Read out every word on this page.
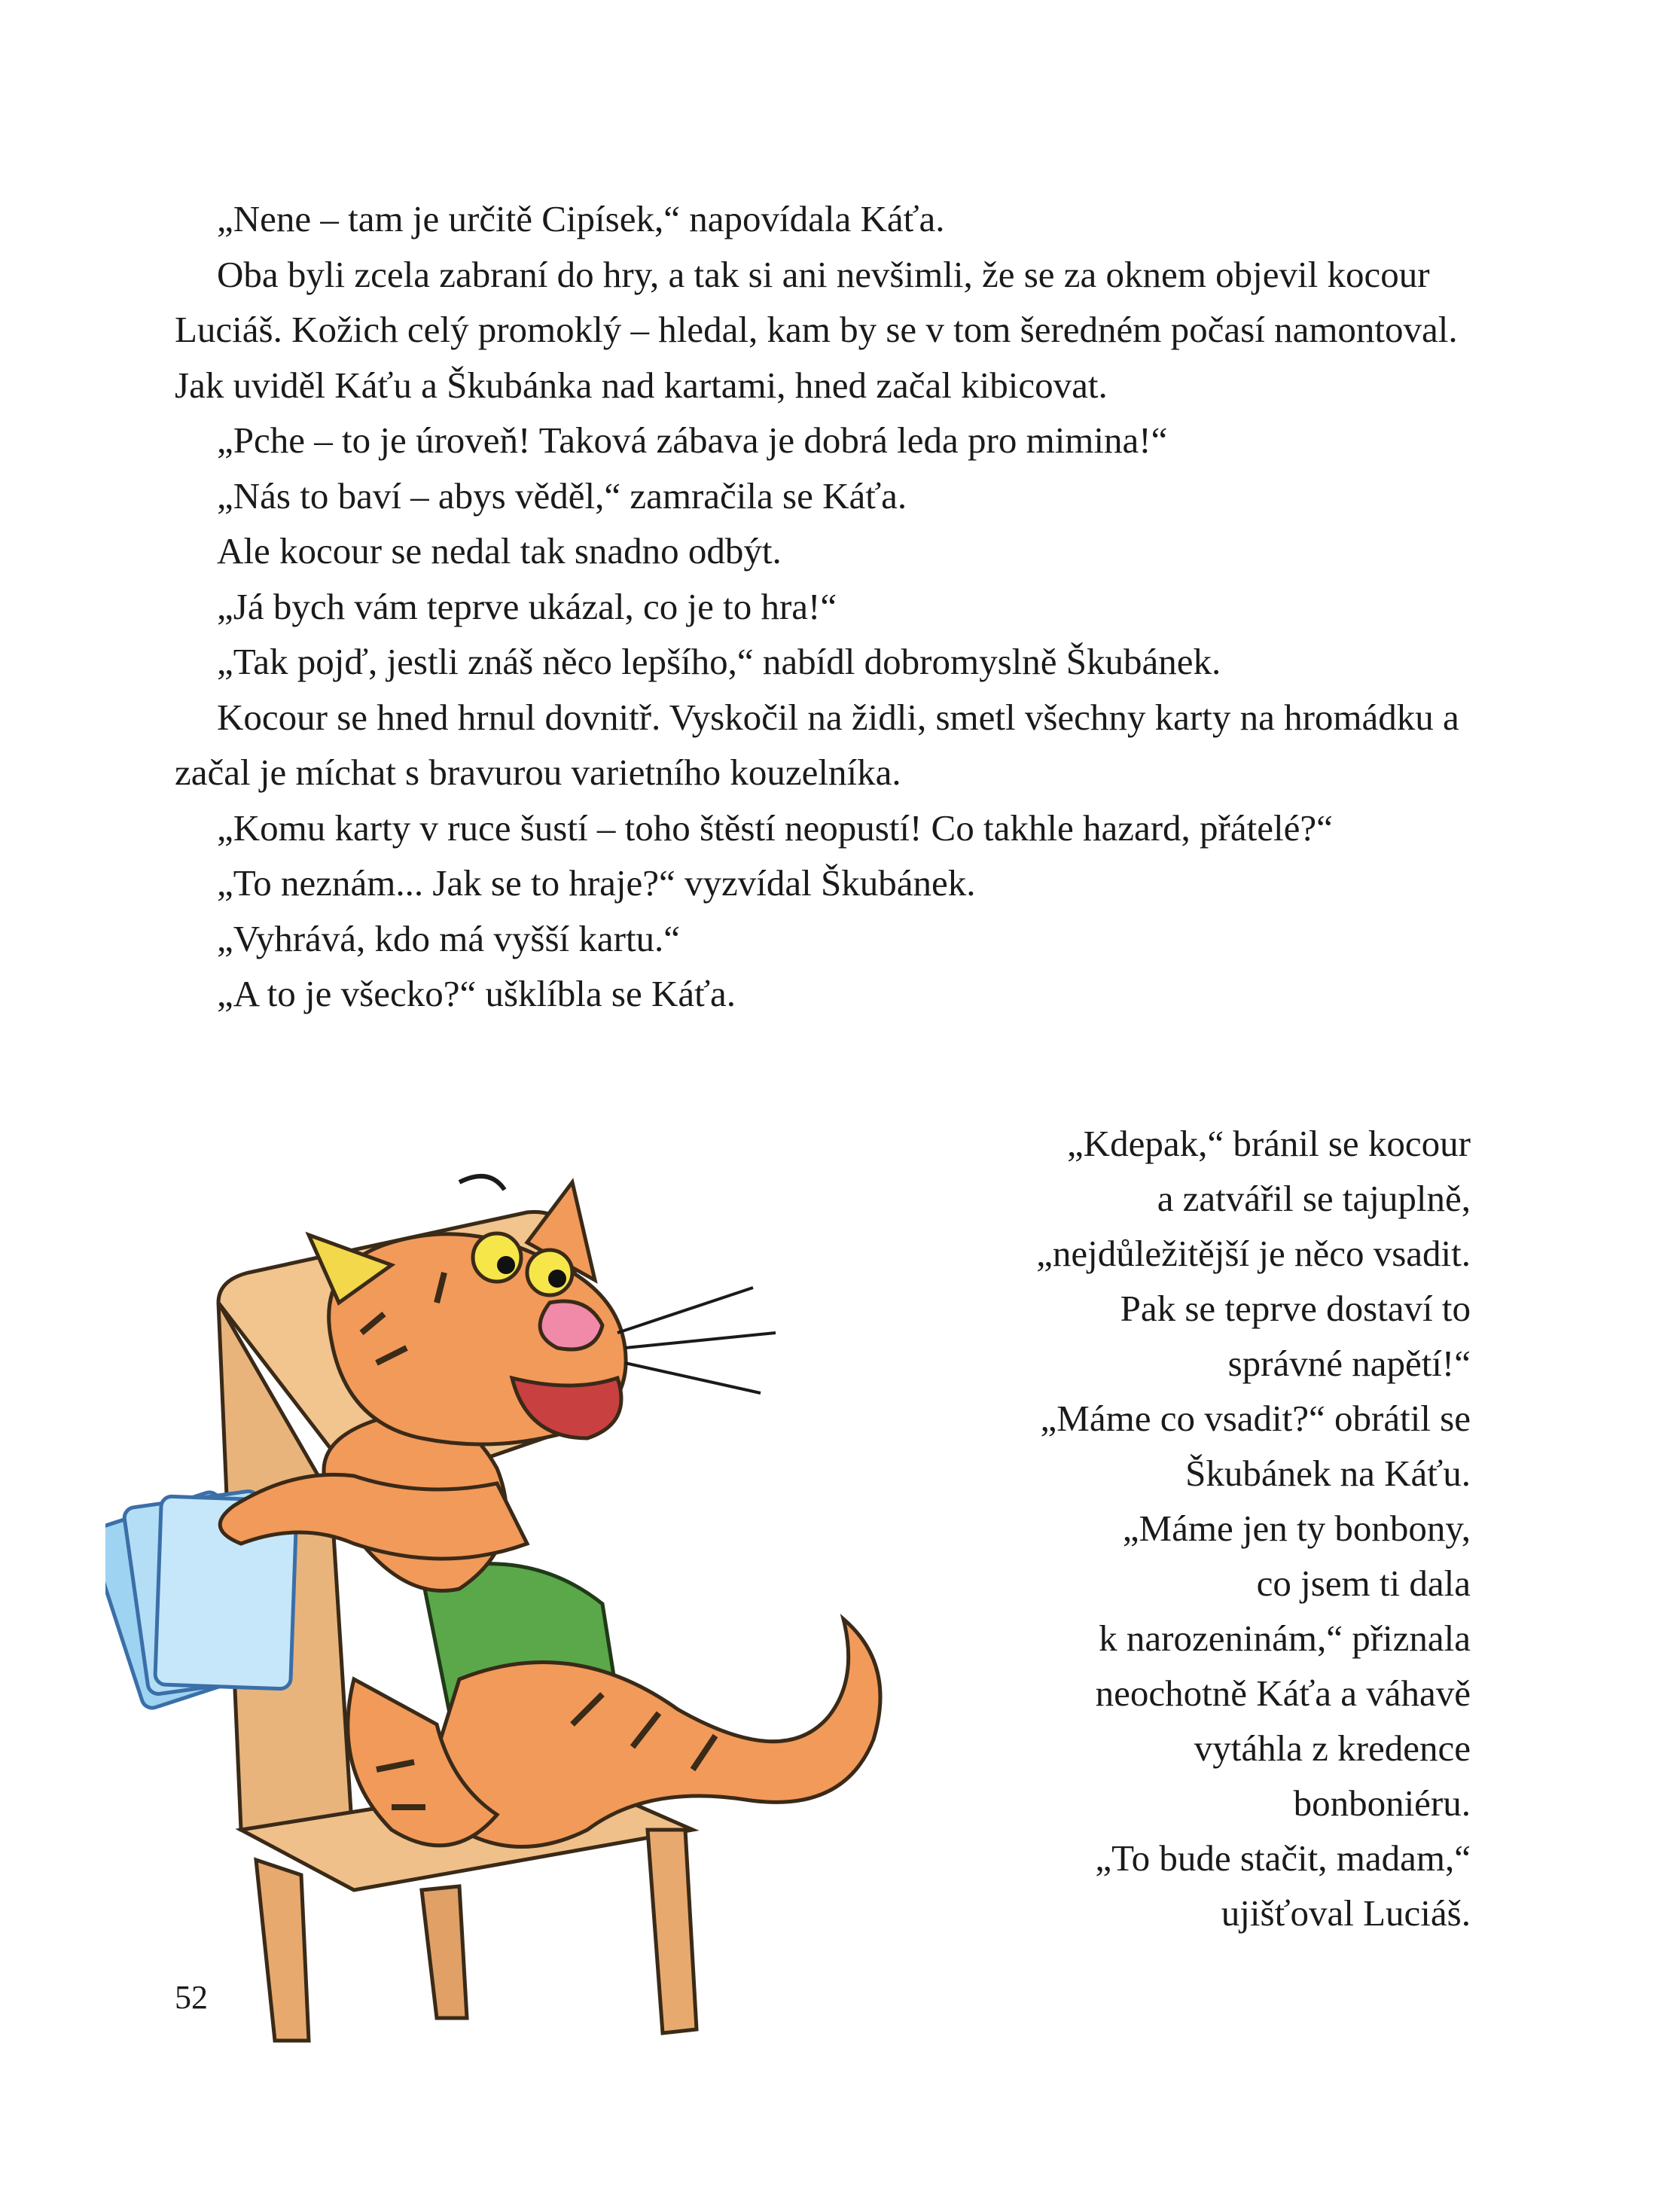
„Nene – tam je určitě Cipísek,“ napovídala Káťa.

Oba byli zcela zabraní do hry, a tak si ani nevšimli, že se za oknem objevil kocour Luciáš. Kožich celý promoklý – hledal, kam by se v tom šeredném počasí namontoval. Jak uviděl Káťu a Škubánka nad kartami, hned začal kibicovat.

„Pche – to je úroveň! Taková zábava je dobrá leda pro mimina!“

„Nás to baví – abys věděl,“ zamračila se Káťa.

Ale kocour se nedal tak snadno odbýt.

„Já bych vám teprve ukázal, co je to hra!“

„Tak pojď, jestli znáš něco lepšího,“ nabídl dobromyslně Škubánek.

Kocour se hned hrnul dovnitř. Vyskočil na židli, smetl všechny karty na hromádku a začal je míchat s bravurou varietního kouzelníka.

„Komu karty v ruce šustí – toho štěstí neopustí! Co takhle hazard, přátelé?“

„To neznám... Jak se to hraje?“ vyzvídal Škubánek.

„Vyhrává, kdo má vyšší kartu.“

„A to je všecko?“ ušklíbla se Káťa.

„Kdepak,“ bránil se kocour
a zatvářil se tajuplně,
„nejdůležitější je něco vsadit.
Pak se teprve dostaví to
správné napětí!“
„Máme co vsadit?“ obrátil se
Škubánek na Káťu.
„Máme jen ty bonbony,
co jsem ti dala
k narozeninám,“ přiznala
neochotně Káťa a váhavě
vytáhla z kredence
bonboniéru.
„To bude stačit, madam,“
ujišťoval Luciáš.
52
